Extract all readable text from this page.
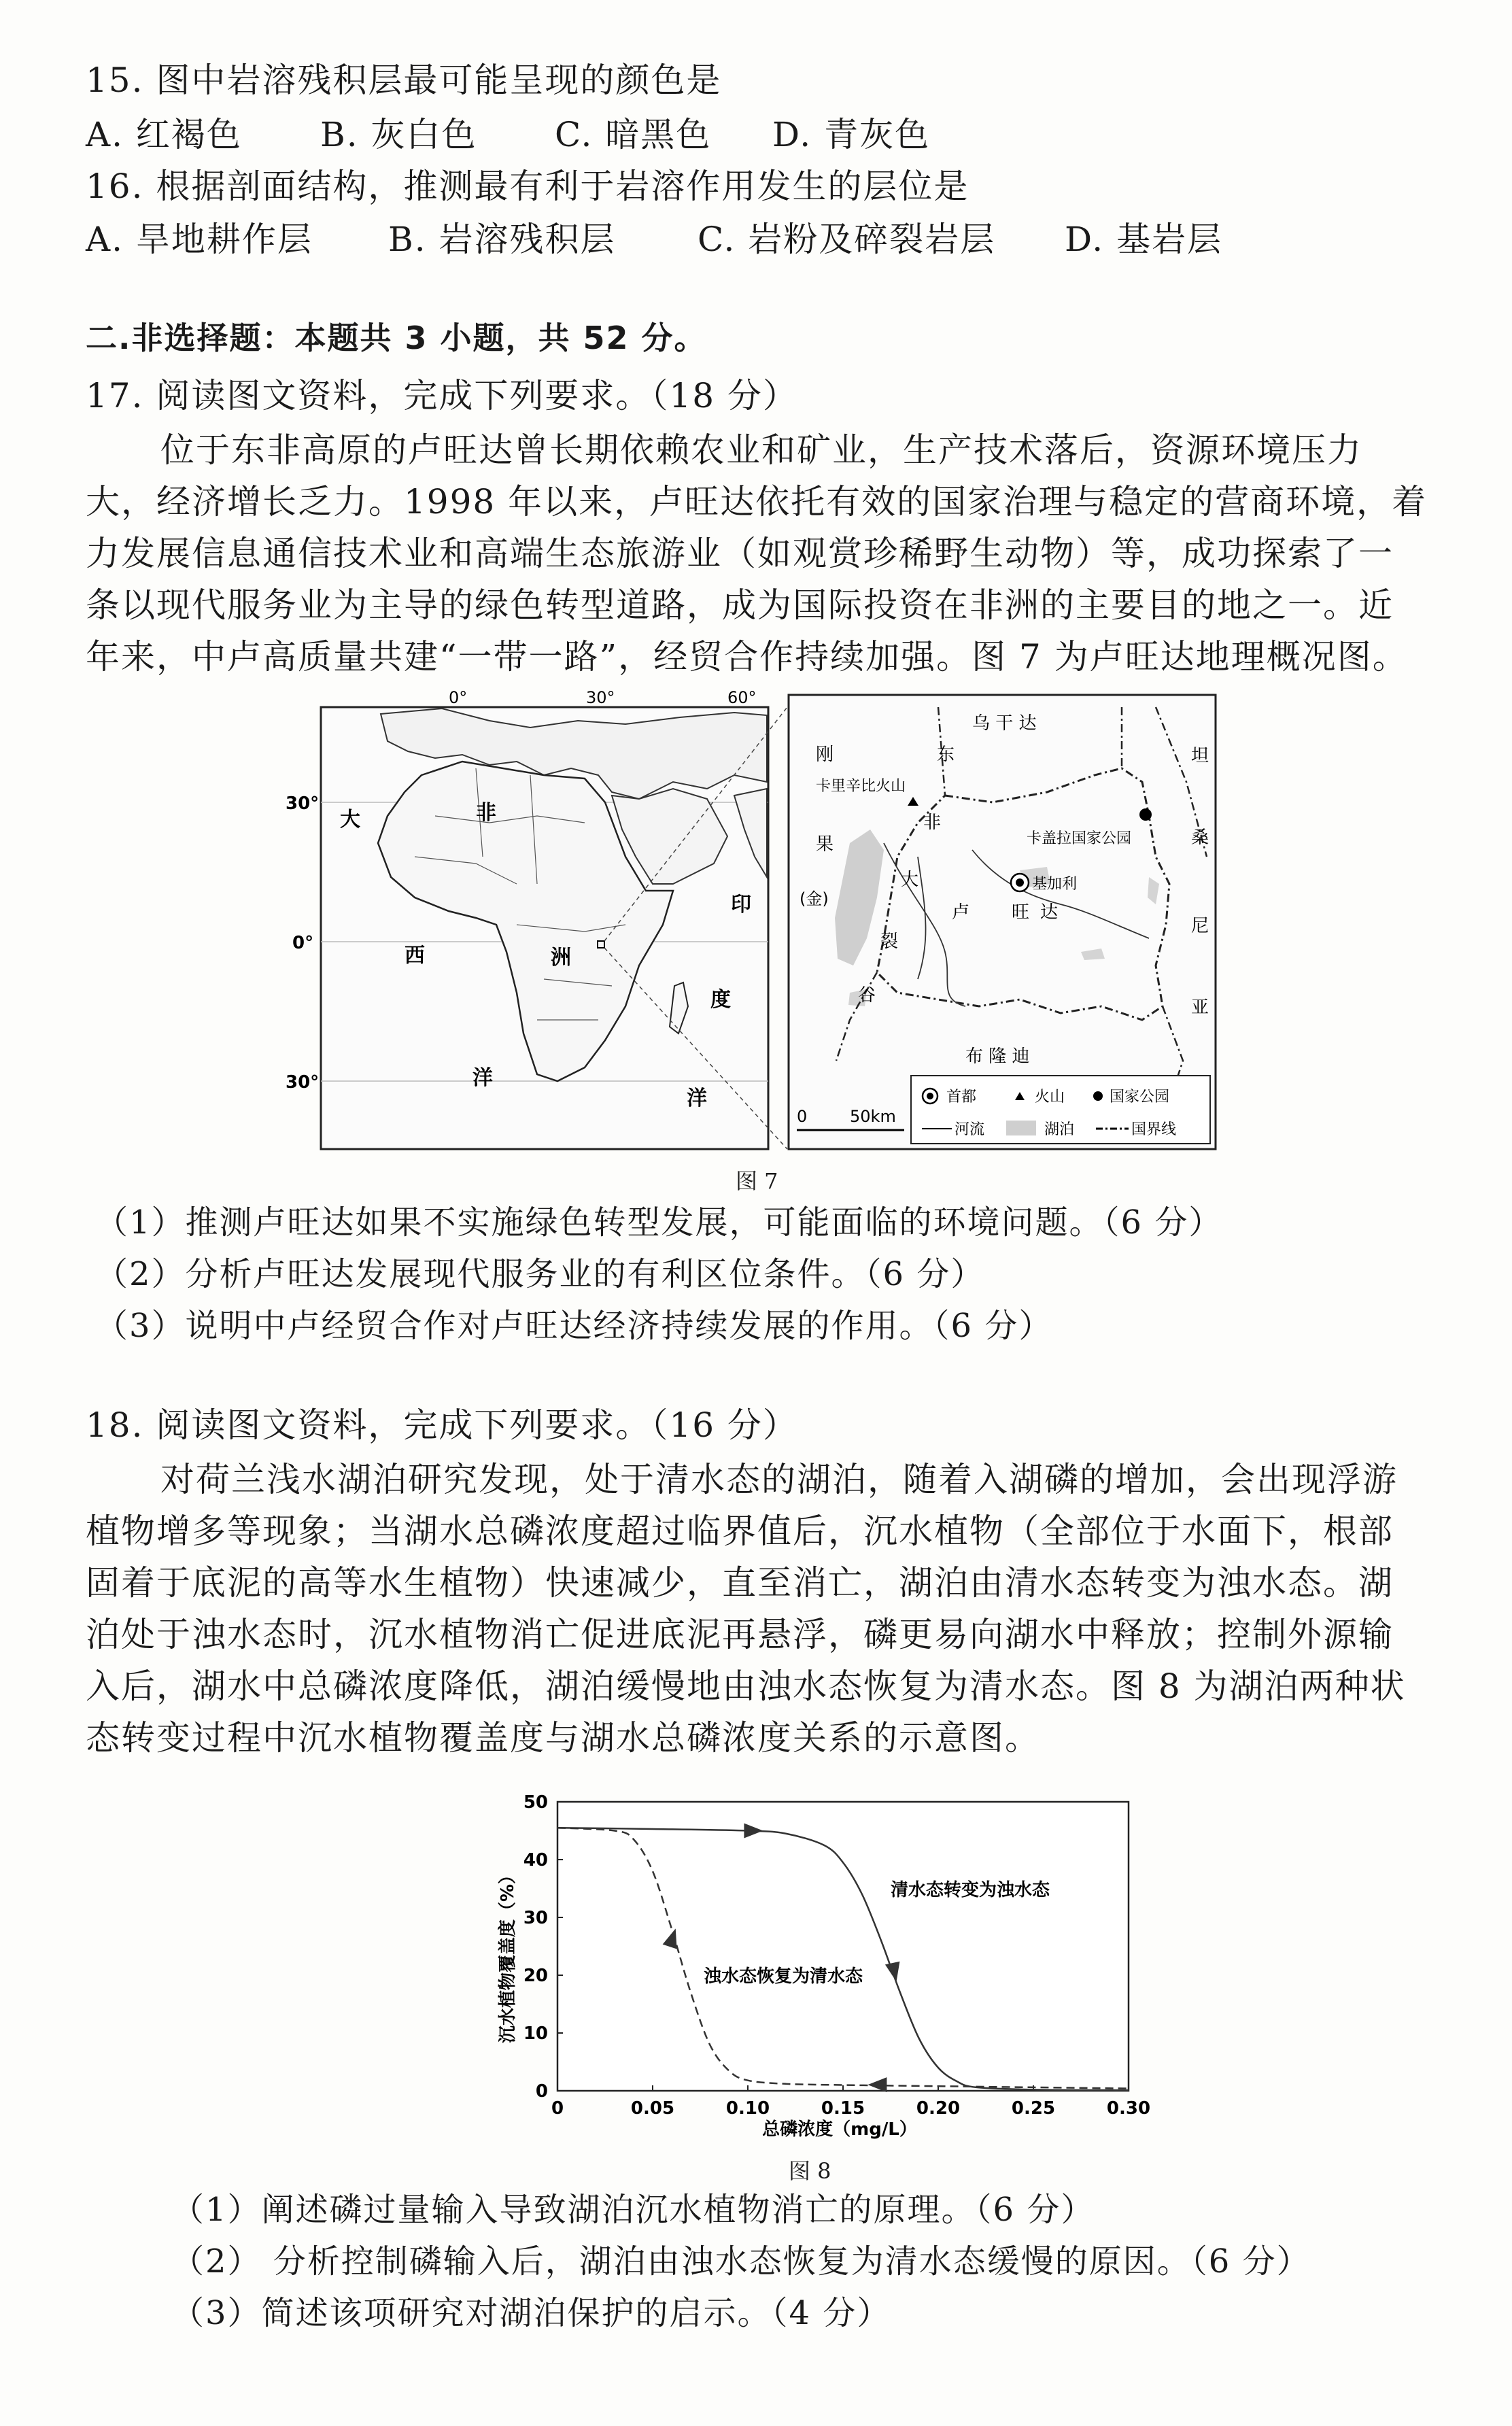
15. 图中岩溶残积层最可能呈现的颜色是
A. 红褐色 B. 灰白色 C. 暗黑色 D. 青灰色
16. 根据剖面结构，推测最有利于岩溶作用发生的层位是
A. 旱地耕作层 B. 岩溶残积层 C. 岩粉及碎裂岩层 D. 基岩层
二.非选择题：本题共 3 小题，共 52 分。
17. 阅读图文资料，完成下列要求。（18 分）
位于东非高原的卢旺达曾长期依赖农业和矿业，生产技术落后，资源环境压力
大，经济增长乏力。1998 年以来，卢旺达依托有效的国家治理与稳定的营商环境，着
力发展信息通信技术业和高端生态旅游业（如观赏珍稀野生动物）等，成功探索了一
条以现代服务业为主导的绿色转型道路，成为国际投资在非洲的主要目的地之一。近
年来，中卢高质量共建“一带一路”，经贸合作持续加强。图 7 为卢旺达地理概况图。
0°	30°	60°
30°
0°
30°
大
西
洋
非
洲
印
度
洋
乌 干 达
刚
果
(金)
坦
桑
尼
亚
布 隆 迪
卢 旺 达
东
非
大
裂
谷
卡里辛比火山
卡盖拉国家公园
基加利
0	50km
首都	火山	国家公园
河流	湖泊	国界线
图 7
（1）推测卢旺达如果不实施绿色转型发展，可能面临的环境问题。（6 分）
（2）分析卢旺达发展现代服务业的有利区位条件。（6 分）
（3）说明中卢经贸合作对卢旺达经济持续发展的作用。（6 分）
18. 阅读图文资料，完成下列要求。（16 分）
对荷兰浅水湖泊研究发现，处于清水态的湖泊，随着入湖磷的增加，会出现浮游
植物增多等现象；当湖水总磷浓度超过临界值后，沉水植物（全部位于水面下，根部
固着于底泥的高等水生植物）快速减少，直至消亡，湖泊由清水态转变为浊水态。湖
泊处于浊水态时，沉水植物消亡促进底泥再悬浮，磷更易向湖水中释放；控制外源输
入后，湖水中总磷浓度降低，湖泊缓慢地由浊水态恢复为清水态。图 8 为湖泊两种状
态转变过程中沉水植物覆盖度与湖水总磷浓度关系的示意图。
0
10
20
30
40
50
0	0.05	0.10	0.15	0.20	0.25	0.30
沉水植物覆盖度（%）
总磷浓度（mg/L）
清水态转变为浊水态
浊水态恢复为清水态
图 8
（1）阐述磷过量输入导致湖泊沉水植物消亡的原理。（6 分）
（2） 分析控制磷输入后，湖泊由浊水态恢复为清水态缓慢的原因。（6 分）
（3）简述该项研究对湖泊保护的启示。（4 分）
